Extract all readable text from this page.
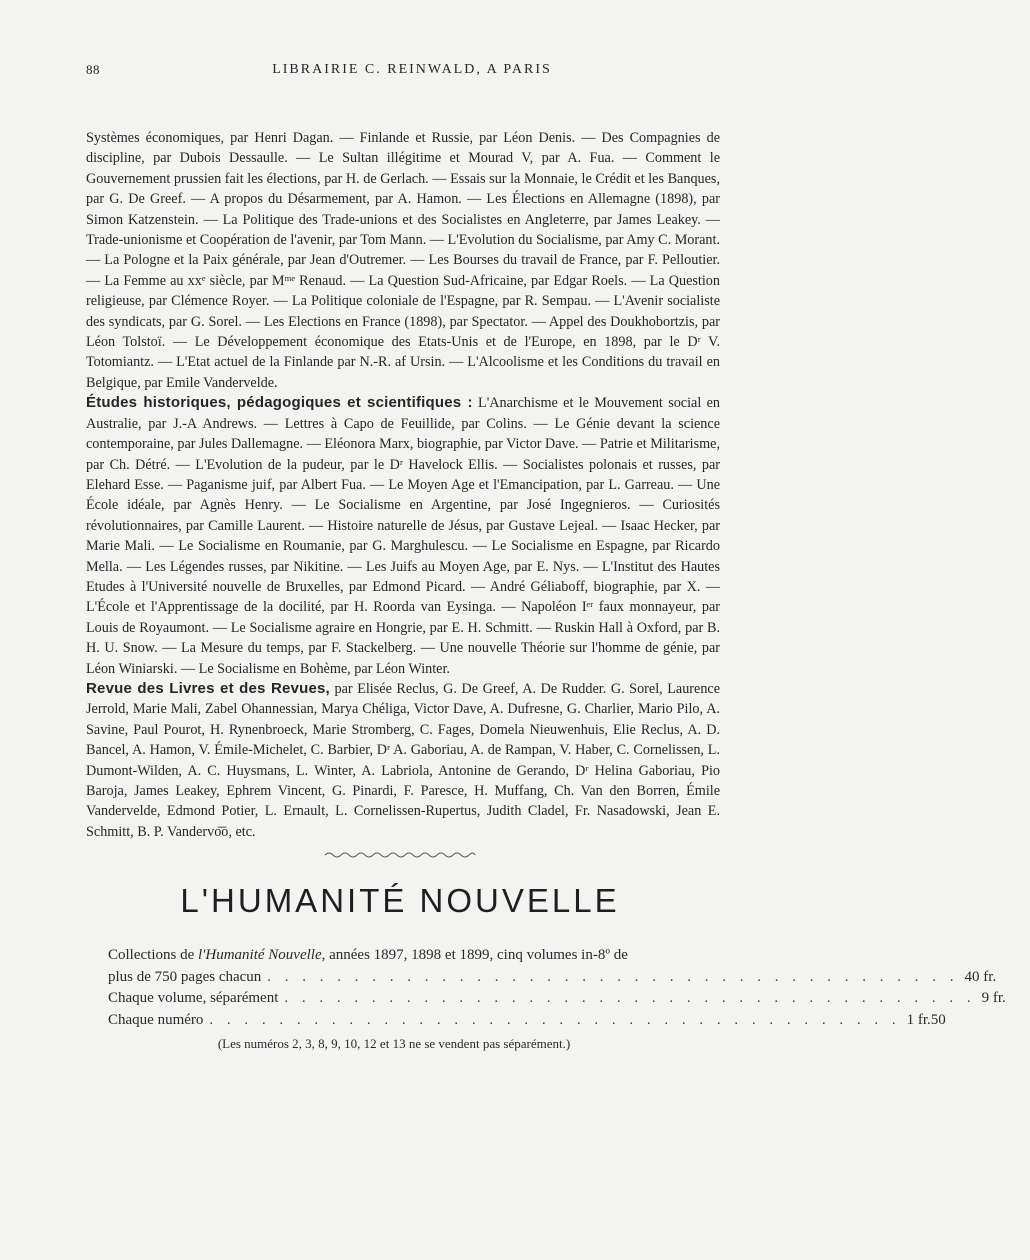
88	LIBRAIRIE C. REINWALD, A PARIS

Systèmes économiques, par Henri Dagan. — Finlande et Russie, par Léon Denis. — Des Compagnies de discipline, par Dubois Dessaulle. — Le Sultan illégitime et Mourad V, par A. Fua. — Comment le Gouvernement prussien fait les élections, par H. de Gerlach. — Essais sur la Monnaie, le Crédit et les Banques, par G. De Greef. — A propos du Désarmement, par A. Hamon. — Les Élections en Allemagne (1898), par Simon Katzenstein. — La Politique des Trade-unions et des Socialistes en Angleterre, par James Leakey. — Trade-unionisme et Coopération de l'avenir, par Tom Mann. — L'Evolution du Socialisme, par Amy C. Morant. — La Pologne et la Paix générale, par Jean d'Outremer. — Les Bourses du travail de France, par F. Pelloutier. — La Femme au xxᵉ siècle, par Mᵐᵉ Renaud. — La Question Sud-Africaine, par Edgar Roels. — La Question religieuse, par Clémence Royer. — La Politique coloniale de l'Espagne, par R. Sempau. — L'Avenir socialiste des syndicats, par G. Sorel. — Les Elections en France (1898), par Spectator. — Appel des Doukhobortzis, par Léon Tolstoï. — Le Développement économique des Etats-Unis et de l'Europe, en 1898, par le Dʳ V. Totomiantz. — L'Etat actuel de la Finlande par N.-R. af Ursin. — L'Alcoolisme et les Conditions du travail en Belgique, par Emile Vandervelde.

Études historiques, pédagogiques et scientifiques : L'Anarchisme et le Mouvement social en Australie, par J.-A Andrews. — Lettres à Capo de Feuillide, par Colins. — Le Génie devant la science contemporaine, par Jules Dallemagne. — Eléonora Marx, biographie, par Victor Dave. — Patrie et Militarisme, par Ch. Détré. — L'Evolution de la pudeur, par le Dʳ Havelock Ellis. — Socialistes polonais et russes, par Elehard Esse. — Paganisme juif, par Albert Fua. — Le Moyen Age et l'Emancipation, par L. Garreau. — Une École idéale, par Agnès Henry. — Le Socialisme en Argentine, par José Ingegnieros. — Curiosités révolutionnaires, par Camille Laurent. — Histoire naturelle de Jésus, par Gustave Lejeal. — Isaac Hecker, par Marie Mali. — Le Socialisme en Roumanie, par G. Marghulescu. — Le Socialisme en Espagne, par Ricardo Mella. — Les Légendes russes, par Nikitine. — Les Juifs au Moyen Age, par E. Nys. — L'Institut des Hautes Etudes à l'Université nouvelle de Bruxelles, par Edmond Picard. — André Géliaboff, biographie, par X. — L'École et l'Apprentissage de la docilité, par H. Roorda van Eysinga. — Napoléon Iᵉʳ faux monnayeur, par Louis de Royaumont. — Le Socialisme agraire en Hongrie, par E. H. Schmitt. — Ruskin Hall à Oxford, par B. H. U. Snow. — La Mesure du temps, par F. Stackelberg. — Une nouvelle Théorie sur l'homme de génie, par Léon Winiarski. — Le Socialisme en Bohème, par Léon Winter.

Revue des Livres et des Revues, par Elisée Reclus, G. De Greef, A. De Rudder. G. Sorel, Laurence Jerrold, Marie Mali, Zabel Ohannessian, Marya Chéliga, Victor Dave, A. Dufresne, G. Charlier, Mario Pilo, A. Savine, Paul Pourot, H. Rynenbroeck, Marie Stromberg, C. Fages, Domela Nieuwenhuis, Elie Reclus, A. D. Bancel, A. Hamon, V. Émile-Michelet, C. Barbier, Dʳ A. Gaboriau, A. de Rampan, V. Haber, C. Cornelissen, L. Dumont-Wilden, A. C. Huysmans, L. Winter, A. Labriola, Antonine de Gerando, Dʳ Helina Gaboriau, Pio Baroja, James Leakey, Ephrem Vincent, G. Pinardi, F. Paresce, H. Muffang, Ch. Van den Borren, Émile Vandervelde, Edmond Potier, L. Ernault, L. Cornelissen-Rupertus, Judith Cladel, Fr. Nasadowski, Jean E. Schmitt, B. P. Vandervo͞o, etc.

L'HUMANITÉ NOUVELLE
Collections de l'Humanité Nouvelle, années 1897, 1898 et 1899, cinq volumes in-8º de
plus de 750 pages chacun . . . . . . . . . . . . . . . . . . . . . . . . . . . . . . . . . . . . . . . . 40 fr.
Chaque volume, séparément . . . . . . . . . . . . . . . . . . . . . . . . . . . . . . . . . . . . . . . . 9 fr.
Chaque numéro . . . . . . . . . . . . . . . . . . . . . . . . . . . . . . . . . . . . . . . . 1 fr.50
(Les numéros 2, 3, 8, 9, 10, 12 et 13 ne se vendent pas séparément.)
